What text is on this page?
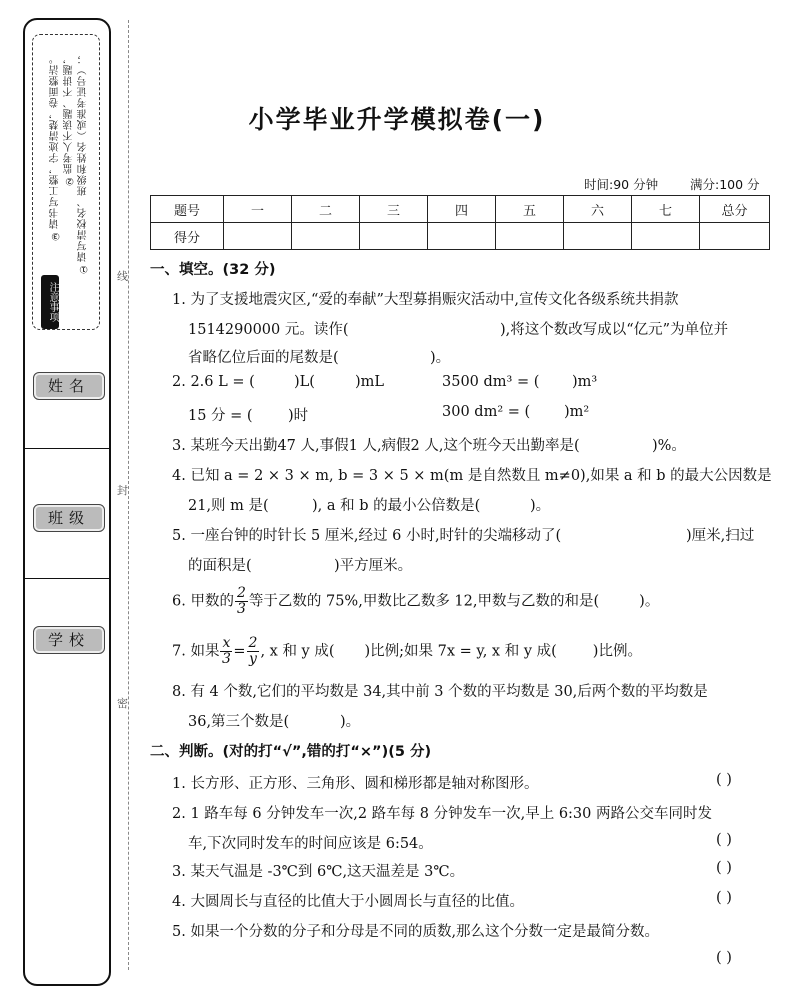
①请写清校名、班级和姓名（或准考证号）；
②监考人不读题、不讲题，
③请书写工整，字迹清楚，卷面整洁。
注意事项
姓名
班级
学校
线
封
密
小学毕业升学模拟卷(一)
时间:90 分钟	满分:100 分
题号	一	二	三	四	五	六	七	总分
得分								
一、填空。(32 分)
1. 为了支援地震灾区,“爱的奉献”大型募捐赈灾活动中,宣传文化各级系统共捐款
1514290000 元。读作(	),将这个数改写成以“亿元”为单位并
省略亿位后面的尾数是(	)。
2. 2.6 L = (	)L(	)mL	3500 dm³ = ( )m³
15 分 = ( )时	300 dm² = ( )m²
3. 某班今天出勤47 人,事假1 人,病假2 人,这个班今天出勤率是(	)%。
4. 已知 a = 2 × 3 × m, b = 3 × 5 × m(m 是自然数且 m≠0),如果 a 和 b 的最大公因数是
21,则 m 是(	), a 和 b 的最小公倍数是(	)。
5. 一座台钟的时针长 5 厘米,经过 6 小时,时针的尖端移动了(	)厘米,扫过
的面积是(	)平方厘米。
6. 甲数的 $\frac{2}{3}$ 等于乙数的 75%,甲数比乙数多 12,甲数与乙数的和是(	)。
7. 如果 $\frac{x}{3} = \frac{2}{y}$ , x 和 y 成( )比例;如果 7x = y, x 和 y 成( )比例。
8. 有 4 个数,它们的平均数是 34,其中前 3 个数的平均数是 30,后两个数的平均数是
36,第三个数是(	)。
二、判断。(对的打“√”,错的打“×”)(5 分)
1. 长方形、正方形、三角形、圆和梯形都是轴对称图形。	( )
2. 1 路车每 6 分钟发车一次,2 路车每 8 分钟发车一次,早上 6:30 两路公交车同时发
车,下次同时发车的时间应该是 6:54。	( )
3. 某天气温是 -3℃到 6℃,这天温差是 3℃。	( )
4. 大圆周长与直径的比值大于小圆周长与直径的比值。	( )
5. 如果一个分数的分子和分母是不同的质数,那么这个分数一定是最简分数。
( )
